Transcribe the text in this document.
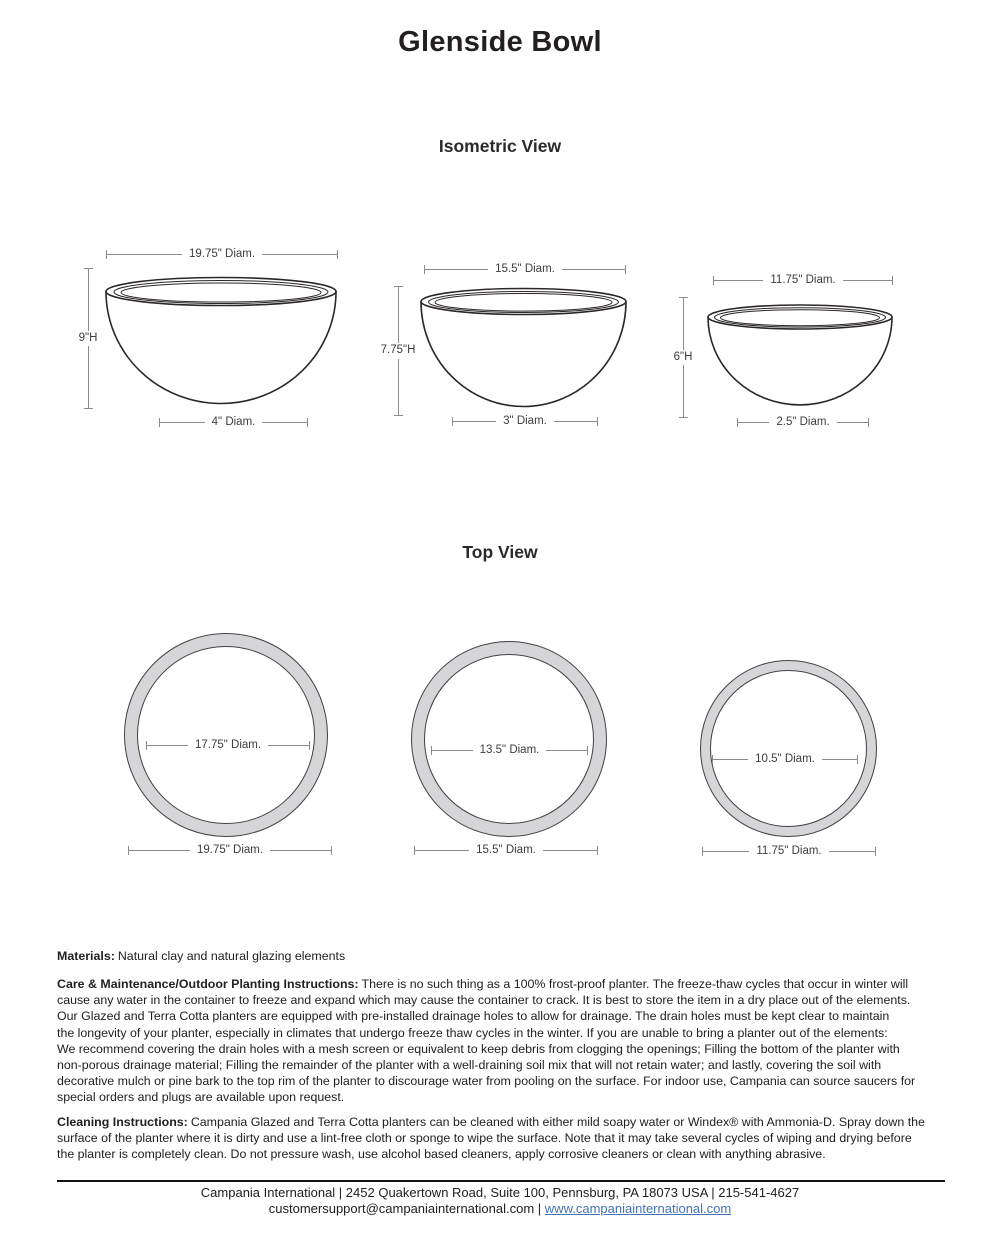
Glenside Bowl
Isometric View
19.75" Diam.
9"H
4" Diam.
15.5" Diam.
7.75"H
3" Diam.
11.75" Diam.
6"H
2.5" Diam.
Top View
17.75" Diam.
19.75" Diam.
13.5" Diam.
15.5" Diam.
10.5" Diam.
11.75" Diam.
Materials: Natural clay and natural glazing elements
Care & Maintenance/Outdoor Planting Instructions: There is no such thing as a 100% frost-proof planter. The freeze-thaw cycles that occur in winter will
cause any water in the container to freeze and expand which may cause the container to crack. It is best to store the item in a dry place out of the elements.
Our Glazed and Terra Cotta planters are equipped with pre-installed drainage holes to allow for drainage. The drain holes must be kept clear to maintain
the longevity of your planter, especially in climates that undergo freeze thaw cycles in the winter. If you are unable to bring a planter out of the elements:
We recommend covering the drain holes with a mesh screen or equivalent to keep debris from clogging the openings; Filling the bottom of the planter with
non-porous drainage material; Filling the remainder of the planter with a well-draining soil mix that will not retain water; and lastly, covering the soil with
decorative mulch or pine bark to the top rim of the planter to discourage water from pooling on the surface. For indoor use, Campania can source saucers for
special orders and plugs are available upon request.
Cleaning Instructions: Campania Glazed and Terra Cotta planters can be cleaned with either mild soapy water or Windex® with Ammonia-D. Spray down the
surface of the planter where it is dirty and use a lint-free cloth or sponge to wipe the surface. Note that it may take several cycles of wiping and drying before
the planter is completely clean. Do not pressure wash, use alcohol based cleaners, apply corrosive cleaners or clean with anything abrasive.
Campania International | 2452 Quakertown Road, Suite 100, Pennsburg, PA 18073 USA | 215-541-4627
customersupport@campaniainternational.com | www.campaniainternational.com
